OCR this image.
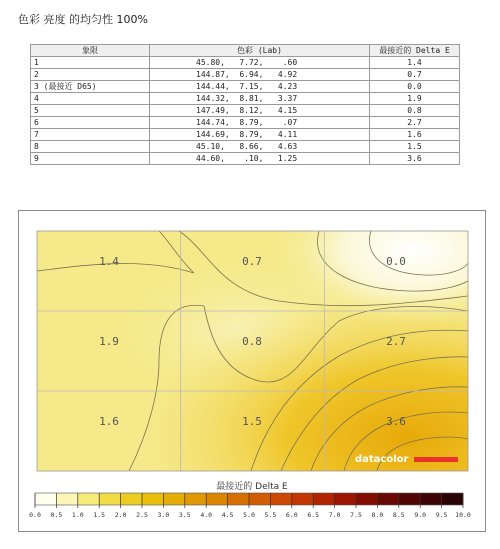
色彩 亮度 的均匀性 100%
象限	色彩 (Lab)	最接近的 Delta E
1	45.80,   7.72,    .60	1.4
2	144.87,  6.94,   4.92	0.7
3 (最接近 D65)	144.44,  7.15,   4.23	0.0
4	144.32,  8.81,   3.37	1.9
5	147.49,  8.12,   4.15	0.8
6	144.74,  8.79,    .07	2.7
7	144.69,  8.79,   4.11	1.6
8	45.10,   8.66,   4.63	1.5
9	44.60,    .10,   1.25	3.6
1.4	0.7	0.0
1.9	0.8	2.7
1.6	1.5	3.6
datacolor
最接近的 Delta E
0.0 0.5 1.0 1.5 2.0 2.5 3.0 3.5 4.0 4.5 5.0 5.5 6.0 6.5 7.0 7.5 8.0 8.5 9.0 9.5 10.0
